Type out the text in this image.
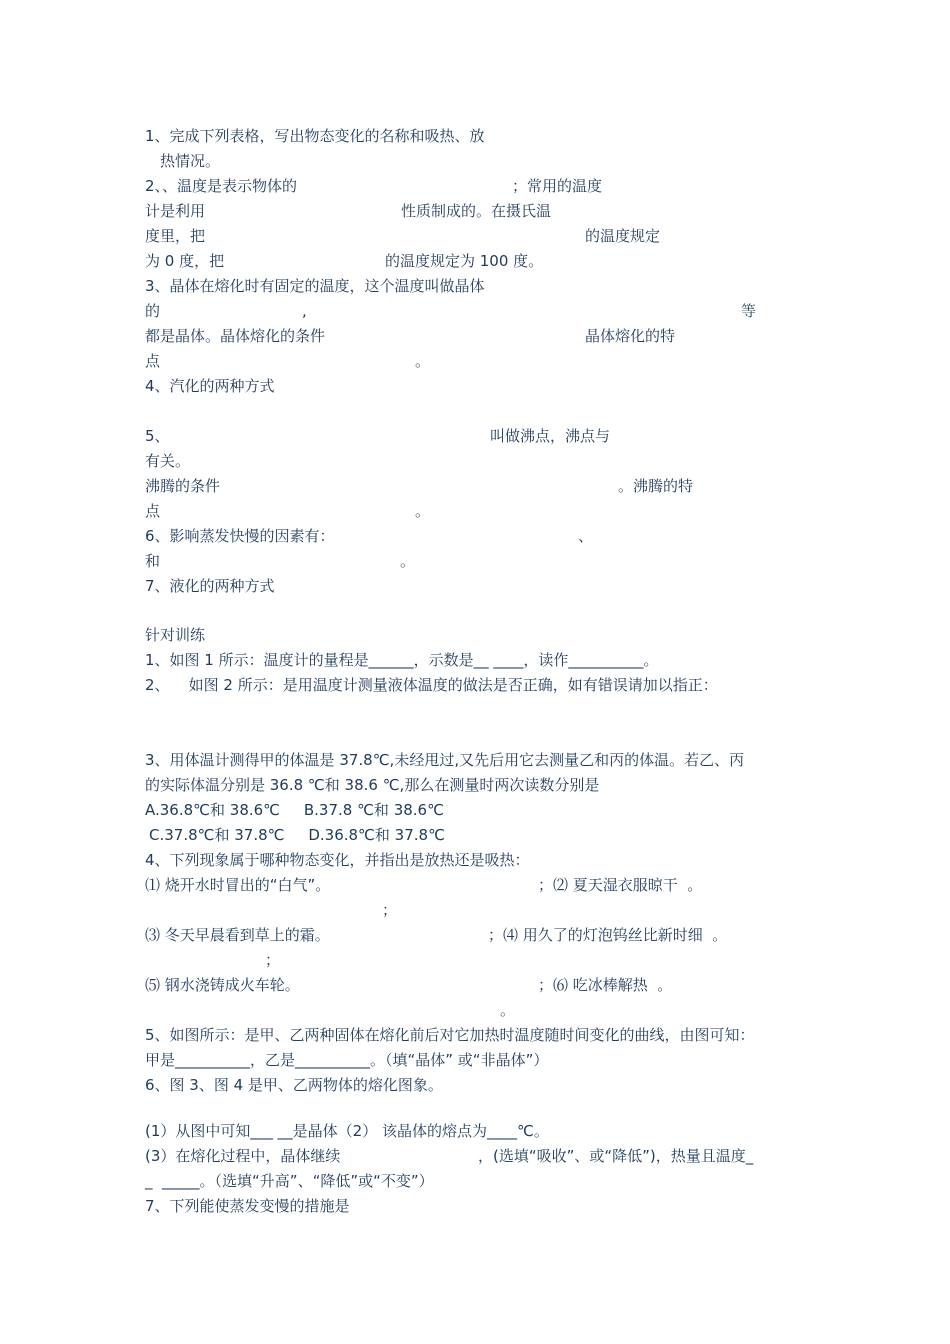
1、完成下列表格，写出物态变化的名称和吸热、放
热情况。
2、、温度是表示物体的	；常用的温度
计是利用	性质制成的。在摄氏温
度里，把	的温度规定
为 0 度，把	的温度规定为 100 度。
3、晶体在熔化时有固定的温度，这个温度叫做晶体
的	,	等
都是晶体。晶体熔化的条件	晶体熔化的特
点	。
4、汽化的两种方式
5、	叫做沸点，沸点与
有关。
沸腾的条件	。沸腾的特
点	。
6、影响蒸发快慢的因素有：	、
和	。
7、液化的两种方式
针对训练
1、如图 1 所示：温度计的量程是______，示数是__ ____，读作__________。
2、    如图 2 所示：是用温度计测量液体温度的做法是否正确，如有错误请加以指正：
3、用体温计测得甲的体温是 37.8℃,未经甩过,又先后用它去测量乙和丙的体温。若乙、丙
的实际体温分别是 36.8 ℃和 38.6 ℃,那么在测量时两次读数分别是
A.36.8℃和 38.6℃     B.37.8 ℃和 38.6℃
C.37.8℃和 37.8℃     D.36.8℃和 37.8℃
4、下列现象属于哪种物态变化，并指出是放热还是吸热：
⑴ 烧开水时冒出的“白气”。	；⑵ 夏天湿衣服晾干  。
；
⑶ 冬天早晨看到草上的霜。	；⑷ 用久了的灯泡钨丝比新时细  。
；
⑸ 钢水浇铸成火车轮。	；⑹ 吃冰棒解热  。
。
5、如图所示：是甲、乙两种固体在熔化前后对它加热时温度随时间变化的曲线，由图可知：
甲是__________，乙是__________。（填“晶体” 或“非晶体”）
6、图 3、图 4 是甲、乙两物体的熔化图象。
(1）从图中可知___ __是晶体（2） 该晶体的熔点为____℃。
(3）在熔化过程中，晶体继续	，(选填“吸收”、或“降低”)，热量且温度_
_  _____。（选填“升高”、“降低”或“不变”）
7、下列能使蒸发变慢的措施是
